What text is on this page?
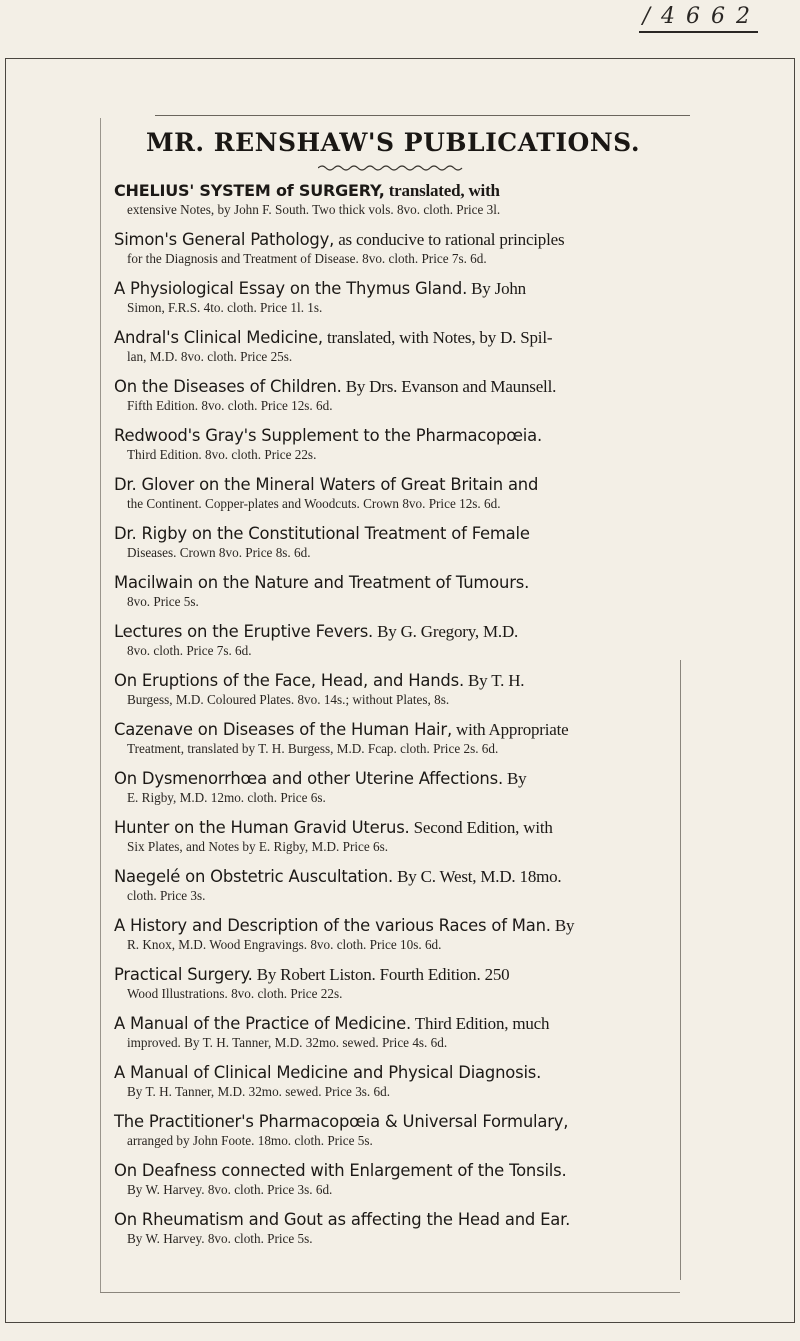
/ 4 6 6 2
MR. RENSHAW'S PUBLICATIONS.
CHELIUS' SYSTEM of SURGERY, translated, with
extensive Notes, by John F. South. Two thick vols. 8vo. cloth. Price 3l.
Simon's General Pathology, as conducive to rational principles
for the Diagnosis and Treatment of Disease. 8vo. cloth. Price 7s. 6d.
A Physiological Essay on the Thymus Gland. By John
Simon, F.R.S. 4to. cloth. Price 1l. 1s.
Andral's Clinical Medicine, translated, with Notes, by D. Spil-
lan, M.D. 8vo. cloth. Price 25s.
On the Diseases of Children. By Drs. Evanson and Maunsell.
Fifth Edition. 8vo. cloth. Price 12s. 6d.
Redwood's Gray's Supplement to the Pharmacopœia.
Third Edition. 8vo. cloth. Price 22s.
Dr. Glover on the Mineral Waters of Great Britain and
the Continent. Copper-plates and Woodcuts. Crown 8vo. Price 12s. 6d.
Dr. Rigby on the Constitutional Treatment of Female
Diseases. Crown 8vo. Price 8s. 6d.
Macilwain on the Nature and Treatment of Tumours.
8vo. Price 5s.
Lectures on the Eruptive Fevers. By G. Gregory, M.D.
8vo. cloth. Price 7s. 6d.
On Eruptions of the Face, Head, and Hands. By T. H.
Burgess, M.D. Coloured Plates. 8vo. 14s.; without Plates, 8s.
Cazenave on Diseases of the Human Hair, with Appropriate
Treatment, translated by T. H. Burgess, M.D. Fcap. cloth. Price 2s. 6d.
On Dysmenorrhœa and other Uterine Affections. By
E. Rigby, M.D. 12mo. cloth. Price 6s.
Hunter on the Human Gravid Uterus. Second Edition, with
Six Plates, and Notes by E. Rigby, M.D. Price 6s.
Naegelé on Obstetric Auscultation. By C. West, M.D. 18mo.
cloth. Price 3s.
A History and Description of the various Races of Man. By
R. Knox, M.D. Wood Engravings. 8vo. cloth. Price 10s. 6d.
Practical Surgery. By Robert Liston. Fourth Edition. 250
Wood Illustrations. 8vo. cloth. Price 22s.
A Manual of the Practice of Medicine. Third Edition, much
improved. By T. H. Tanner, M.D. 32mo. sewed. Price 4s. 6d.
A Manual of Clinical Medicine and Physical Diagnosis.
By T. H. Tanner, M.D. 32mo. sewed. Price 3s. 6d.
The Practitioner's Pharmacopœia & Universal Formulary,
arranged by John Foote. 18mo. cloth. Price 5s.
On Deafness connected with Enlargement of the Tonsils.
By W. Harvey. 8vo. cloth. Price 3s. 6d.
On Rheumatism and Gout as affecting the Head and Ear.
By W. Harvey. 8vo. cloth. Price 5s.
